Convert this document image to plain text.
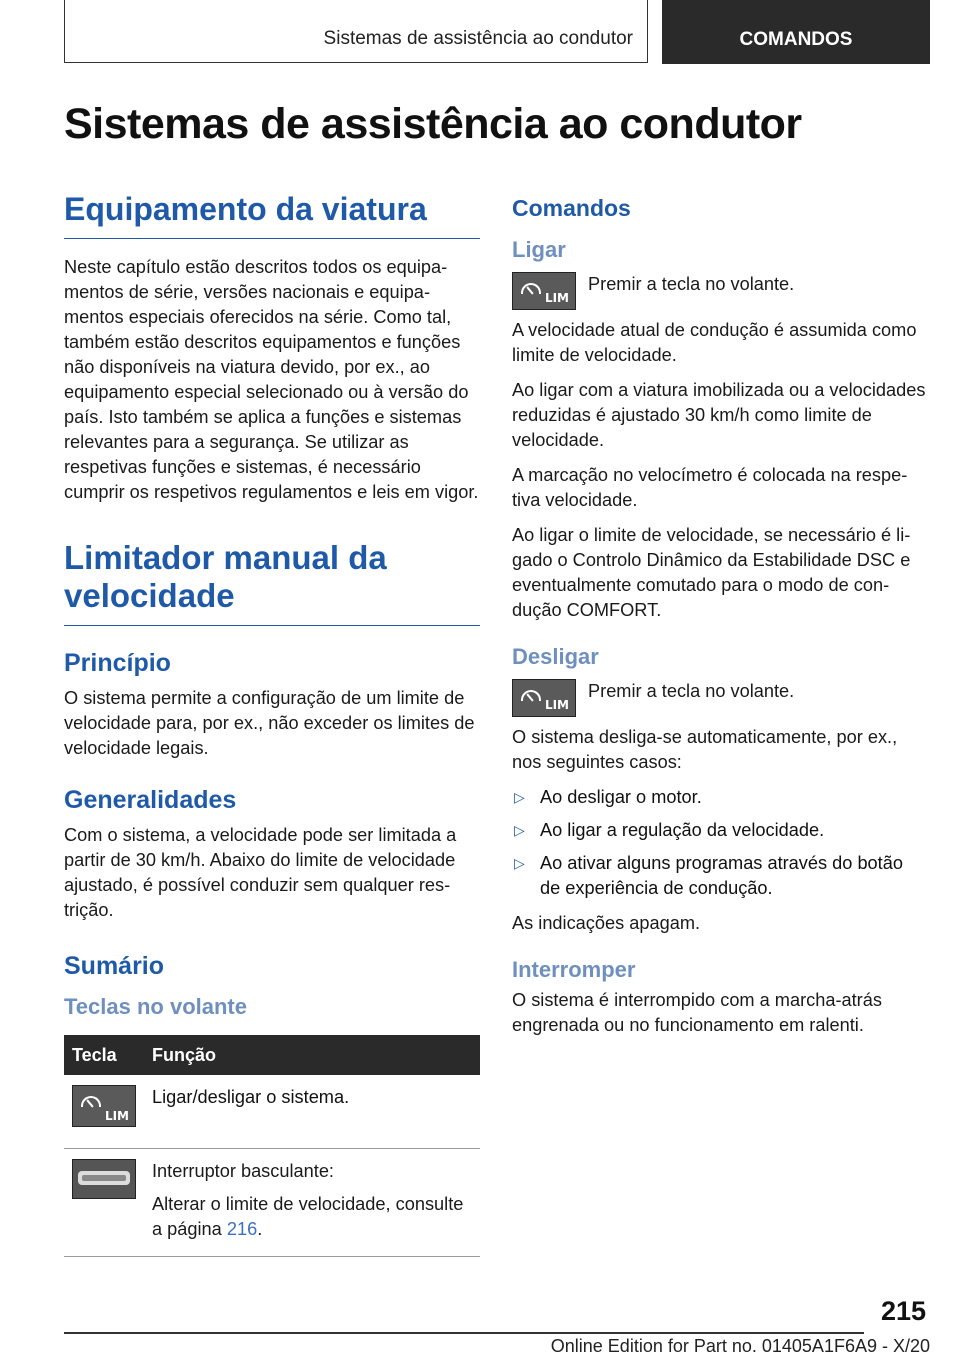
Sistemas de assistência ao condutor	COMANDOS
Sistemas de assistência ao condutor
Equipamento da viatura

Neste capítulo estão descritos todos os equipamentos de série, versões nacionais e equipamentos especiais oferecidos na série. Como tal, também estão descritos equipamentos e funções não disponíveis na viatura devido, por ex., ao equipamento especial selecionado ou à versão do país. Isto também se aplica a funções e sistemas relevantes para a segurança. Se utilizar as respetivas funções e sistemas, é necessário cumprir os respetivos regulamentos e leis em vigor.

Limitador manual da velocidade
Princípio

O sistema permite a configuração de um limite de velocidade para, por ex., não exceder os limites de velocidade legais.

Generalidades

Com o sistema, a velocidade pode ser limitada a partir de 30 km/h. Abaixo do limite de velocidade ajustado, é possível conduzir sem qualquer restrição.

Sumário
Teclas no volante
Tecla	Função

LIM	Ligar/desligar o sistema.

	Interruptor basculante:

Alterar o limite de velocidade, consulte a página 216.

Comandos
Ligar
LIM

Premir a tecla no volante.

A velocidade atual de condução é assumida como limite de velocidade.

Ao ligar com a viatura imobilizada ou a velocidades reduzidas é ajustado 30 km/h como limite de velocidade.

A marcação no velocímetro é colocada na respetiva velocidade.

Ao ligar o limite de velocidade, se necessário é ligado o Controlo Dinâmico da Estabilidade DSC e eventualmente comutado para o modo de condução COMFORT.

Desligar
LIM

Premir a tecla no volante.

O sistema desliga-se automaticamente, por ex., nos seguintes casos:

▷ Ao desligar o motor.
▷ Ao ligar a regulação da velocidade.
▷ Ao ativar alguns programas através do botão de experiência de condução.

As indicações apagam.

Interromper

O sistema é interrompido com a marcha-atrás engrenada ou no funcionamento em ralenti.

215
Online Edition for Part no. 01405A1F6A9 - X/20
